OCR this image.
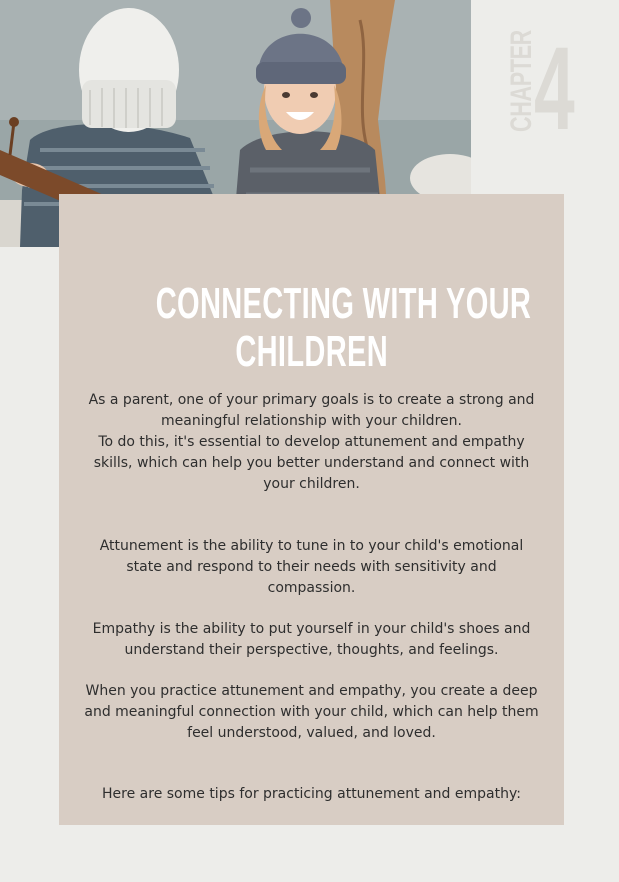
CHAPTER
4
CONNECTING WITH YOUR
CHILDREN

As a parent, one of your primary goals is to create a strong and meaningful relationship with your children.
To do this, it's essential to develop attunement and empathy skills, which can help you better understand and connect with your children.

Attunement is the ability to tune in to your child's emotional state and respond to their needs with sensitivity and compassion.

Empathy is the ability to put yourself in your child's shoes and understand their perspective, thoughts, and feelings.

When you practice attunement and empathy, you create a deep and meaningful connection with your child, which can help them feel understood, valued, and loved.

Here are some tips for practicing attunement and empathy:
